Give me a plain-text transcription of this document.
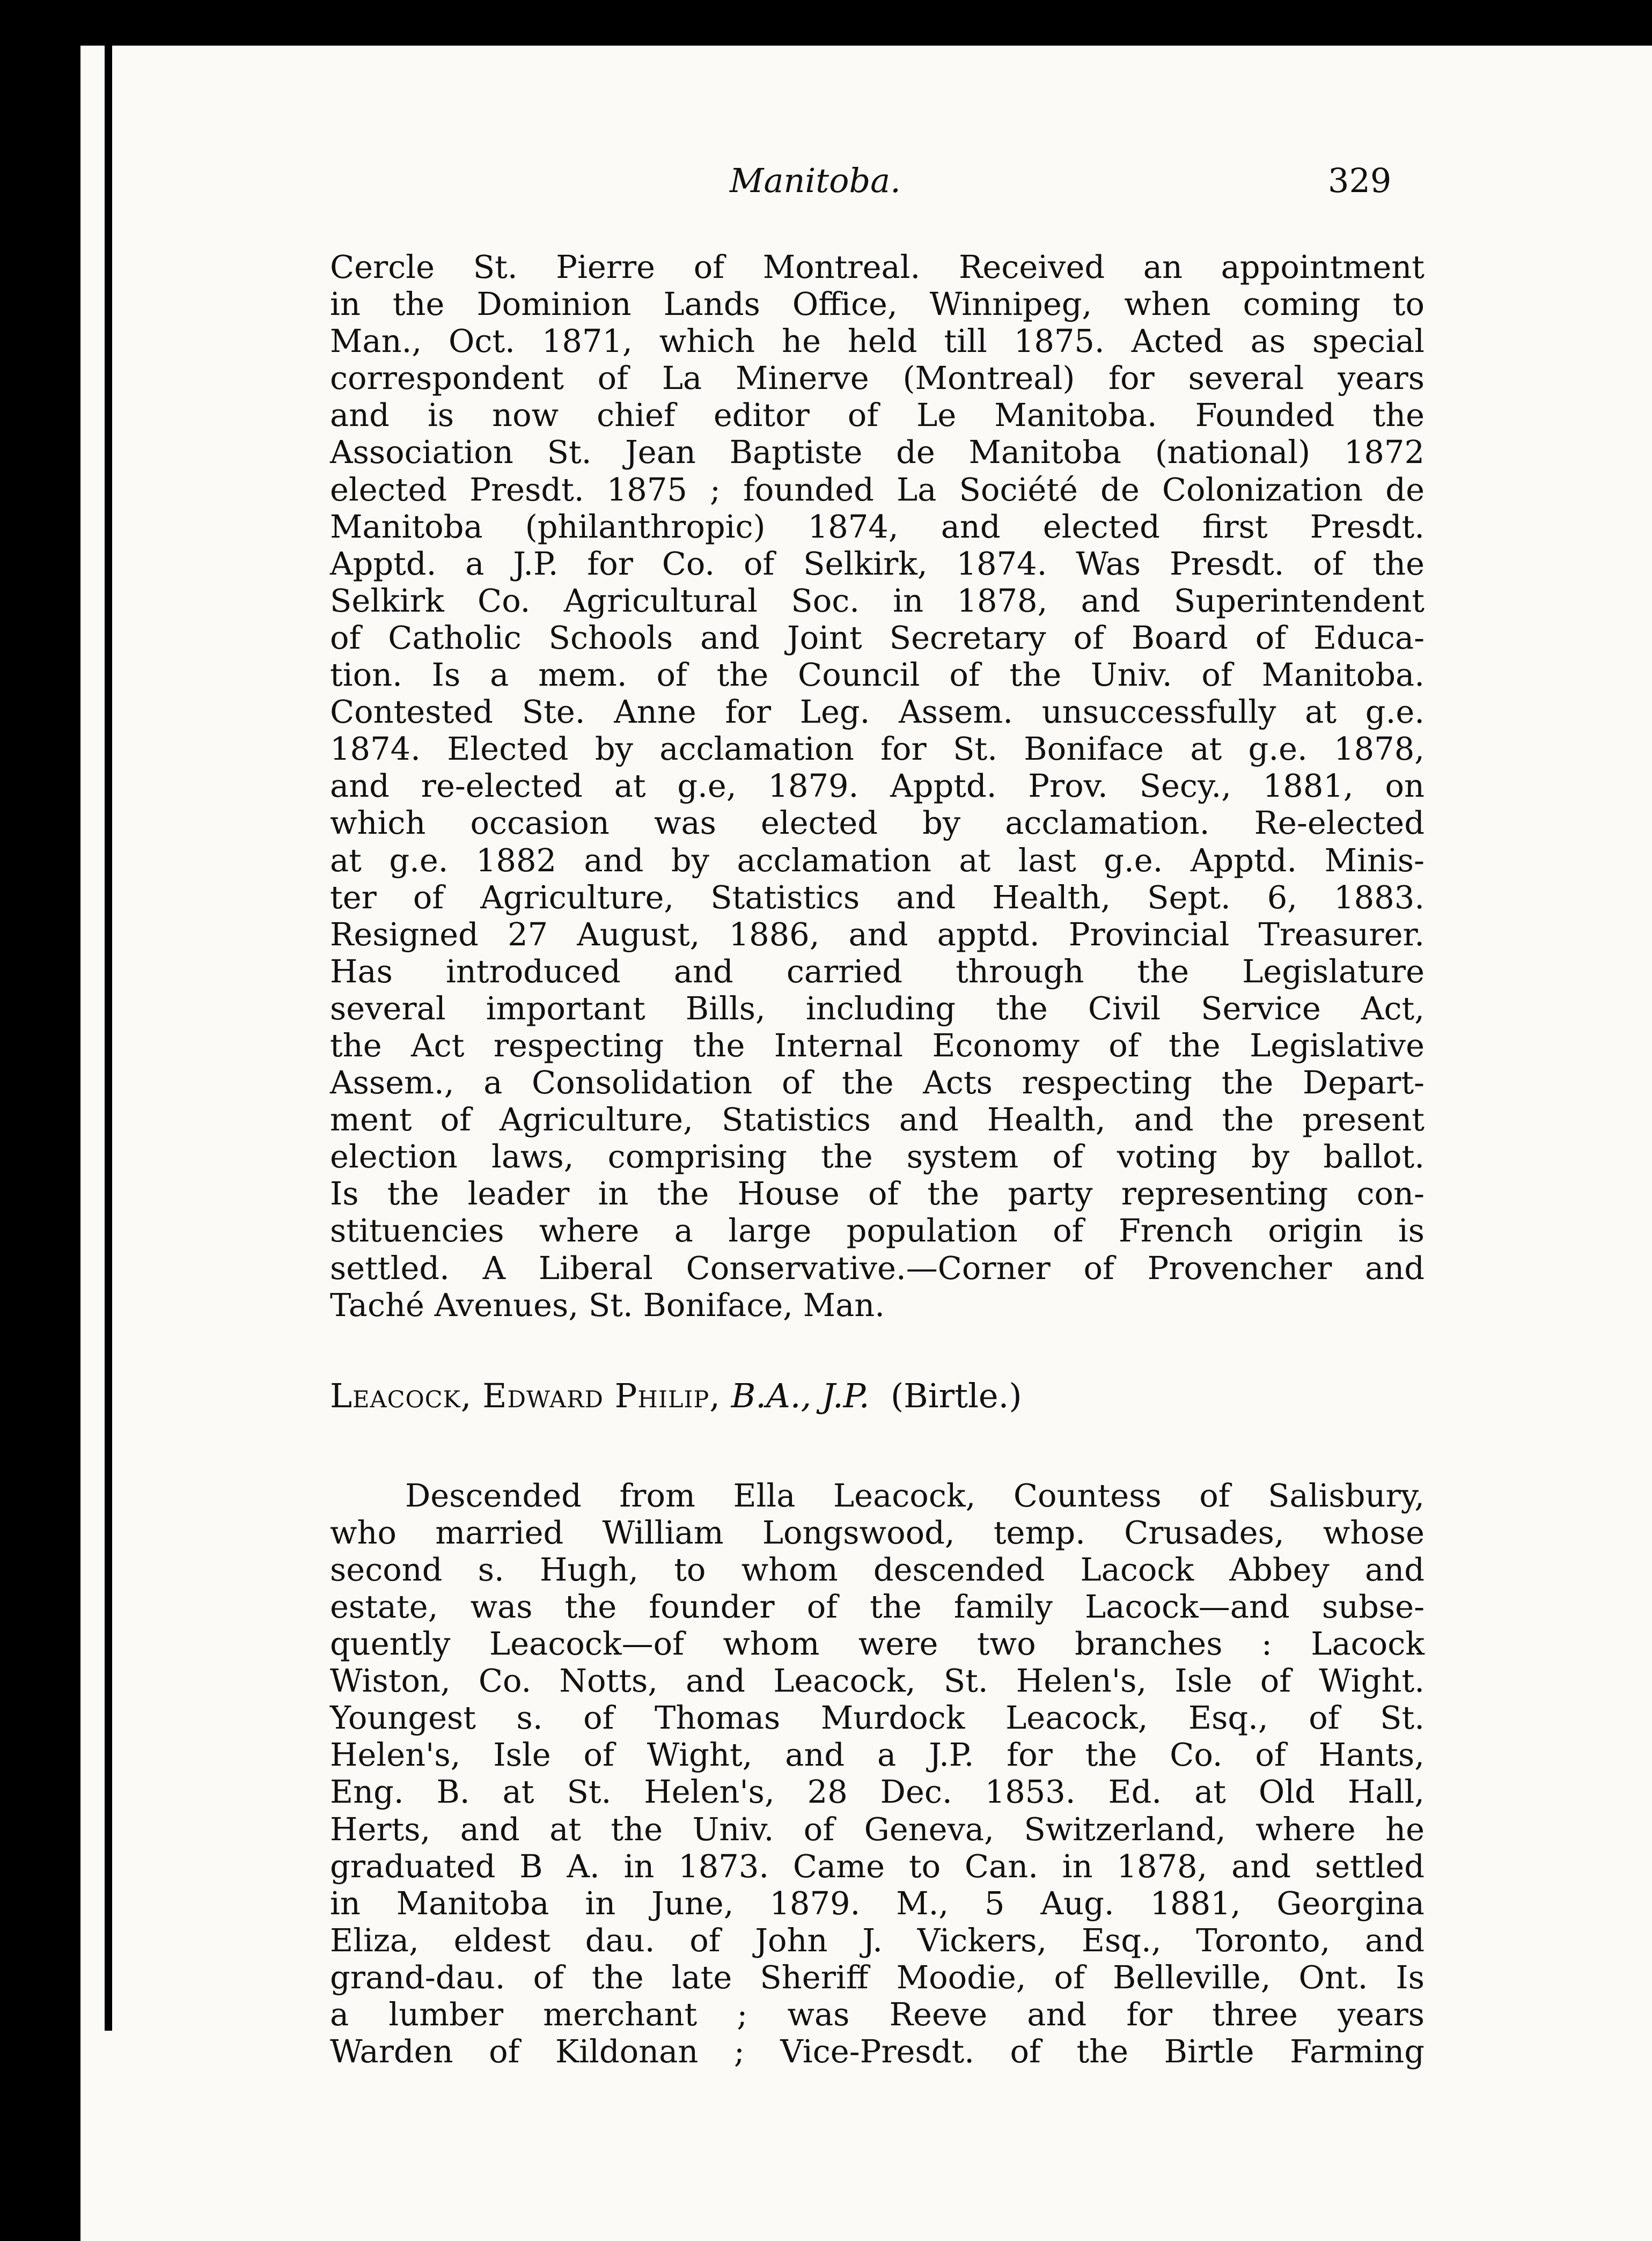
Manitoba.	329
Cercle St. Pierre of Montreal. Received an appointment
in the Dominion Lands Office, Winnipeg, when coming to
Man., Oct. 1871, which he held till 1875. Acted as special
correspondent of La Minerve (Montreal) for several years
and is now chief editor of Le Manitoba. Founded the
Association St. Jean Baptiste de Manitoba (national) 1872
elected Presdt. 1875 ; founded La Société de Colonization de
Manitoba (philanthropic) 1874, and elected first Presdt.
Apptd. a J.P. for Co. of Selkirk, 1874. Was Presdt. of the
Selkirk Co. Agricultural Soc. in 1878, and Superintendent
of Catholic Schools and Joint Secretary of Board of Educa-
tion. Is a mem. of the Council of the Univ. of Manitoba.
Contested Ste. Anne for Leg. Assem. unsuccessfully at g.e.
1874. Elected by acclamation for St. Boniface at g.e. 1878,
and re-elected at g.e, 1879. Apptd. Prov. Secy., 1881, on
which occasion was elected by acclamation. Re-elected
at g.e. 1882 and by acclamation at last g.e. Apptd. Minis-
ter of Agriculture, Statistics and Health, Sept. 6, 1883.
Resigned 27 August, 1886, and apptd. Provincial Treasurer.
Has introduced and carried through the Legislature
several important Bills, including the Civil Service Act,
the Act respecting the Internal Economy of the Legislative
Assem., a Consolidation of the Acts respecting the Depart-
ment of Agriculture, Statistics and Health, and the present
election laws, comprising the system of voting by ballot.
Is the leader in the House of the party representing con-
stituencies where a large population of French origin is
settled. A Liberal Conservative.—Corner of Provencher and
Taché Avenues, St. Boniface, Man.
Leacock, Edward Philip, B.A., J.P. (Birtle.)
Descended from Ella Leacock, Countess of Salisbury,
who married William Longswood, temp. Crusades, whose
second s. Hugh, to whom descended Lacock Abbey and
estate, was the founder of the family Lacock—and subse-
quently Leacock—of whom were two branches : Lacock
Wiston, Co. Notts, and Leacock, St. Helen's, Isle of Wight.
Youngest s. of Thomas Murdock Leacock, Esq., of St.
Helen's, Isle of Wight, and a J.P. for the Co. of Hants,
Eng. B. at St. Helen's, 28 Dec. 1853. Ed. at Old Hall,
Herts, and at the Univ. of Geneva, Switzerland, where he
graduated B A. in 1873. Came to Can. in 1878, and settled
in Manitoba in June, 1879. M., 5 Aug. 1881, Georgina
Eliza, eldest dau. of John J. Vickers, Esq., Toronto, and
grand-dau. of the late Sheriff Moodie, of Belleville, Ont. Is
a lumber merchant ; was Reeve and for three years
Warden of Kildonan ; Vice-Presdt. of the Birtle Farming
